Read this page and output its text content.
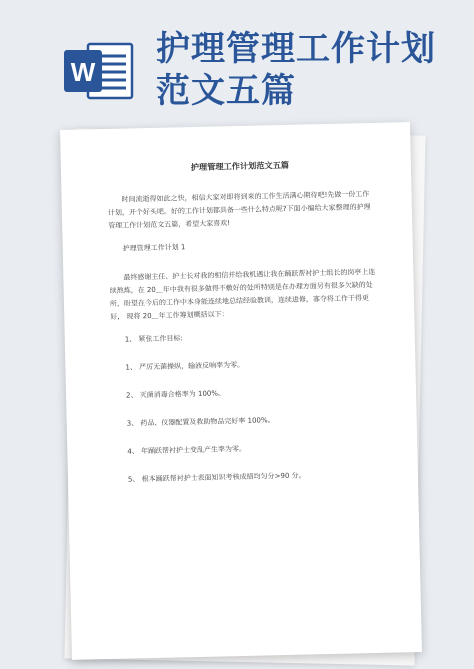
W
护理管理工作计划
范文五篇
护理管理工作计划范文五篇

时间流逝得如此之快，相信大家对即将到来的工作生活满心期待吧!先做一份工作计划，开个好头吧。好的工作计划都具备一些什么特点呢?下面小编给大家整理的护理管理工作计划范文五篇，希望大家喜欢!

护理管理工作计划 1

最终感谢主任、护士长对我的相信并给我机遇让我在踊跃帮衬护士组长的岗亭上连续熬炼，在 20＿年中我有很多做得不敷好的处所特别是在办理方面另有很多欠缺的处所，盼望在今后的工作中本身能连续地总结经验教训，连续进修，寡夺将工作干得更好， 现将 20＿年工作筹划概括以下：

1、 紧张工作目标:

1、 严厉无菌操纵，输液反响率为零。

2、 灭菌消毒合格率为 100%。

3、 药品、仪器配置及救助物品完好率 100%。

4、 年踊跃帮衬护士变乱产生率为零。

5、 根本踊跃帮衬护士表面知识考核成绩均匀分>90 分。
